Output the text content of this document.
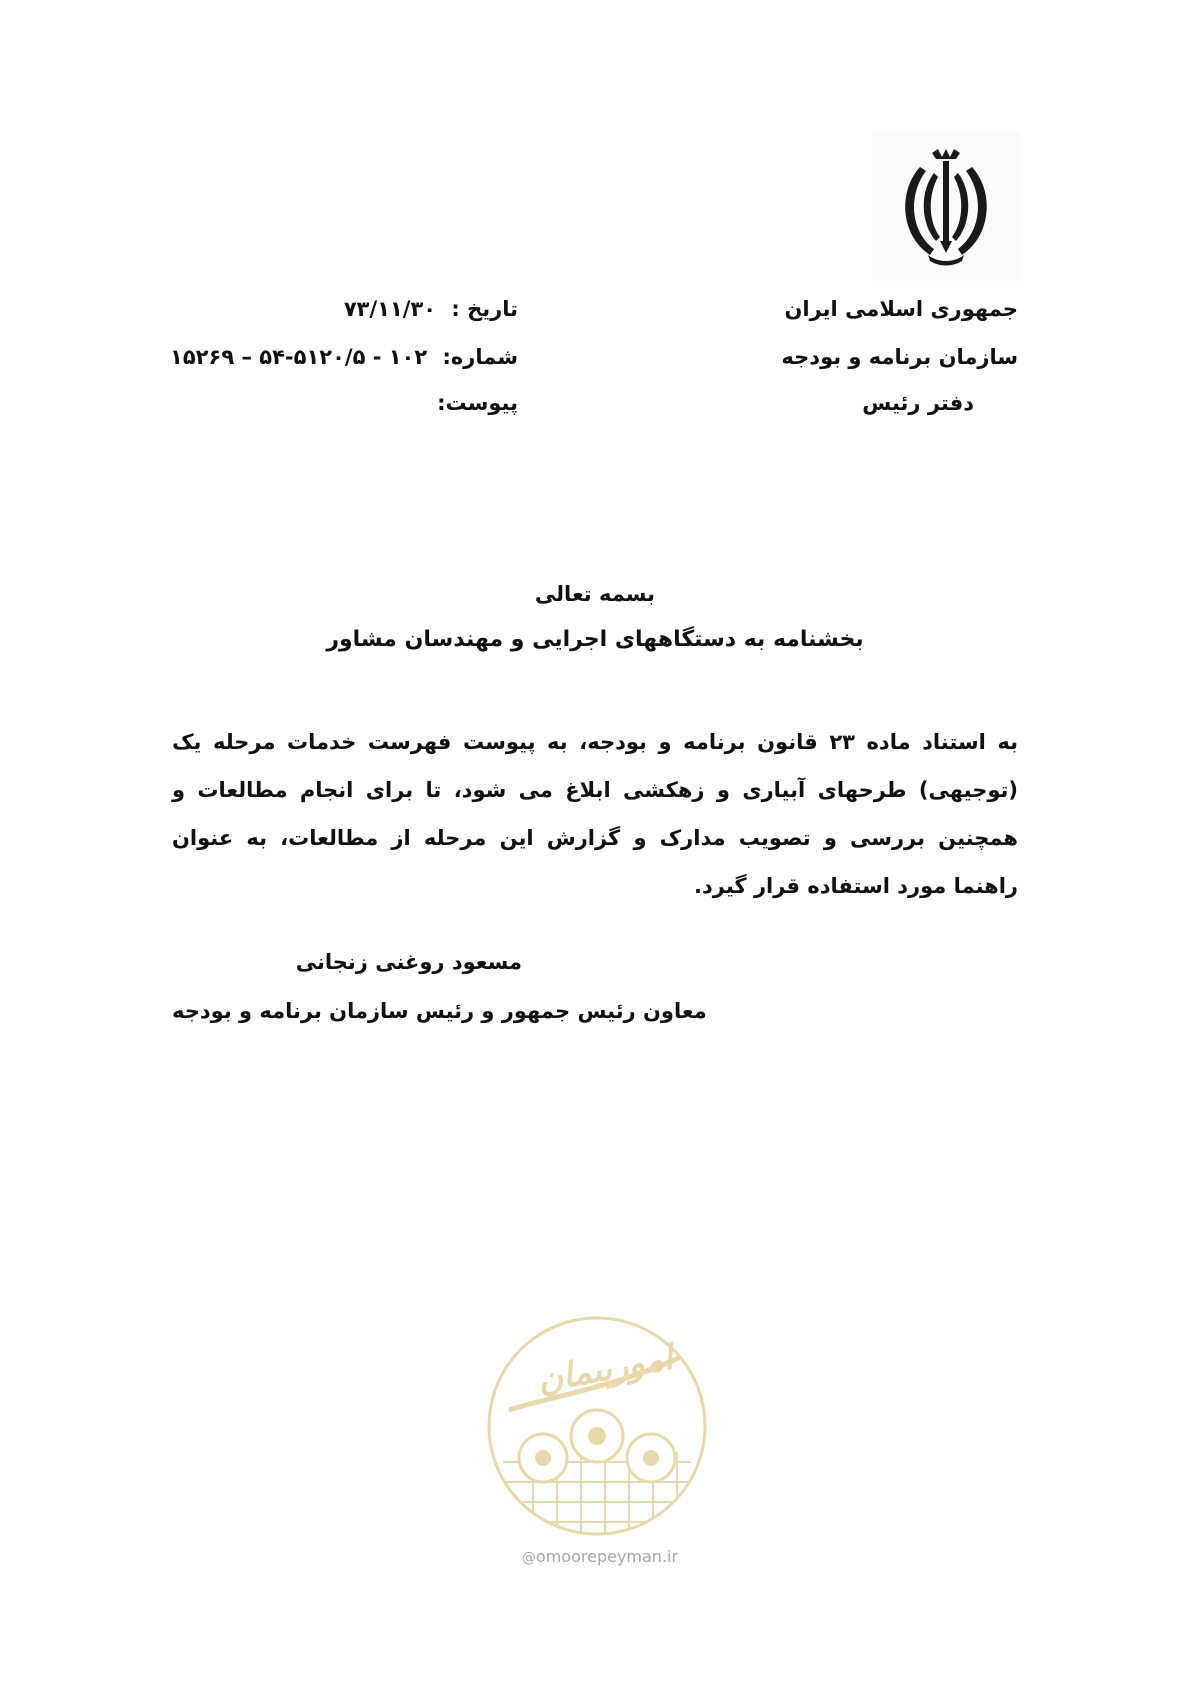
جمهوری اسلامی ایران
سازمان برنامه و بودجه
دفتر رئیس
تاریخ : ۷۳/۱۱/۳۰
شماره: ۱۰۲ - ۵۱۲۰/۵-۵۴ – ۱۵۲۶۹
پیوست:
بسمه تعالی
بخشنامه به دستگاههای اجرایی و مهندسان مشاور
به استناد ماده ۲۳ قانون برنامه و بودجه، به پیوست فهرست خدمات مرحله یک (توجیهی) طرحهای آبیاری و زهکشی ابلاغ می شود، تا برای انجام مطالعات و همچنین بررسی و تصویب مدارک و گزارش این مرحله از مطالعات، به عنوان راهنما مورد استفاده قرار گیرد.
مسعود روغنی زنجانی
معاون رئیس جمهور و رئیس سازمان برنامه و بودجه
امورپیمان
@omoorepeyman.ir
